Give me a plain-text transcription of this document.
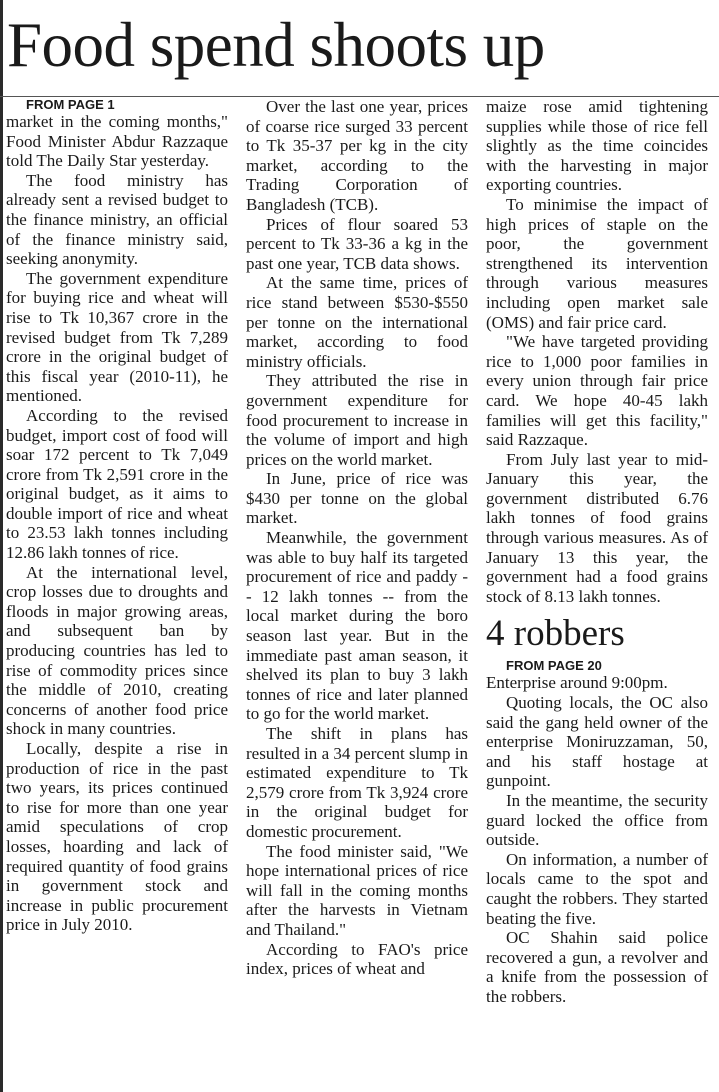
Food spend shoots up

FROM PAGE 1

market in the coming months," Food Minister Abdur Razzaque told The Daily Star yesterday.

The food ministry has already sent a revised budget to the finance ministry, an official of the finance ministry said, seeking anonymity.

The government expenditure for buying rice and wheat will rise to Tk 10,367 crore in the revised budget from Tk 7,289 crore in the original budget of this fiscal year (2010-11), he mentioned.

According to the revised budget, import cost of food will soar 172 percent to Tk 7,049 crore from Tk 2,591 crore in the original budget, as it aims to double import of rice and wheat to 23.53 lakh tonnes including 12.86 lakh tonnes of rice.

At the international level, crop losses due to droughts and floods in major growing areas, and subsequent ban by producing countries has led to rise of commodity prices since the middle of 2010, creating concerns of another food price shock in many countries.

Locally, despite a rise in production of rice in the past two years, its prices continued to rise for more than one year amid speculations of crop losses, hoarding and lack of required quantity of food grains in government stock and increase in public procurement price in July 2010.

Over the last one year, prices of coarse rice surged 33 percent to Tk 35-37 per kg in the city market, according to the Trading Corporation of Bangladesh (TCB).

Prices of flour soared 53 percent to Tk 33-36 a kg in the past one year, TCB data shows.

At the same time, prices of rice stand between $530-$550 per tonne on the international market, according to food ministry officials.

They attributed the rise in government expenditure for food procurement to increase in the volume of import and high prices on the world market.

In June, price of rice was $430 per tonne on the global market.

Meanwhile, the government was able to buy half its targeted procurement of rice and paddy -- 12 lakh tonnes -- from the local market during the boro season last year. But in the immediate past aman season, it shelved its plan to buy 3 lakh tonnes of rice and later planned to go for the world market.

The shift in plans has resulted in a 34 percent slump in estimated expenditure to Tk 2,579 crore from Tk 3,924 crore in the original budget for domestic procurement.

The food minister said, "We hope international prices of rice will fall in the coming months after the harvests in Vietnam and Thailand."

According to FAO's price index, prices of wheat and

maize rose amid tightening supplies while those of rice fell slightly as the time coincides with the harvesting in major exporting countries.

To minimise the impact of high prices of staple on the poor, the government strengthened its intervention through various measures including open market sale (OMS) and fair price card.

"We have targeted providing rice to 1,000 poor families in every union through fair price card. We hope 40-45 lakh families will get this facility," said Razzaque.

From July last year to mid-January this year, the government distributed 6.76 lakh tonnes of food grains through various measures. As of January 13 this year, the government had a food grains stock of 8.13 lakh tonnes.

4 robbers

FROM PAGE 20

Enterprise around 9:00pm.

Quoting locals, the OC also said the gang held owner of the enterprise Moniruzzaman, 50, and his staff hostage at gunpoint.

In the meantime, the security guard locked the office from outside.

On information, a number of locals came to the spot and caught the robbers. They started beating the five.

OC Shahin said police recovered a gun, a revolver and a knife from the possession of the robbers.
